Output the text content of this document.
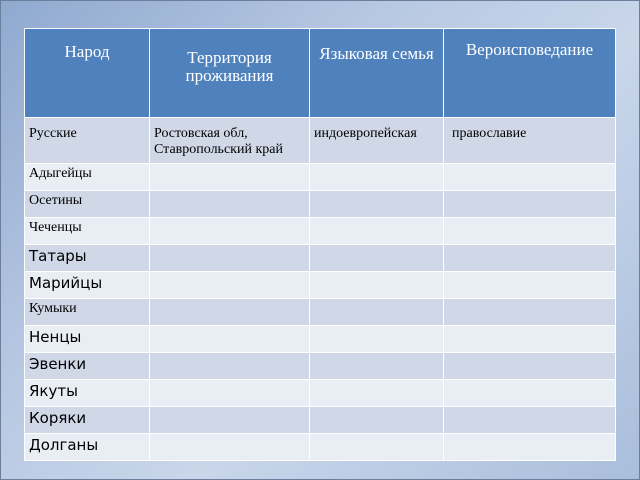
Народ	Территория проживания	Языковая семья	Вероисповедание

Русские	Ростовская обл, Ставропольский край	индоевропейская	православие
Адыгейцы			
Осетины			
Чеченцы			
Татары			
Марийцы			
Кумыки			
Ненцы			
Эвенки			
Якуты			
Коряки			
Долганы			
